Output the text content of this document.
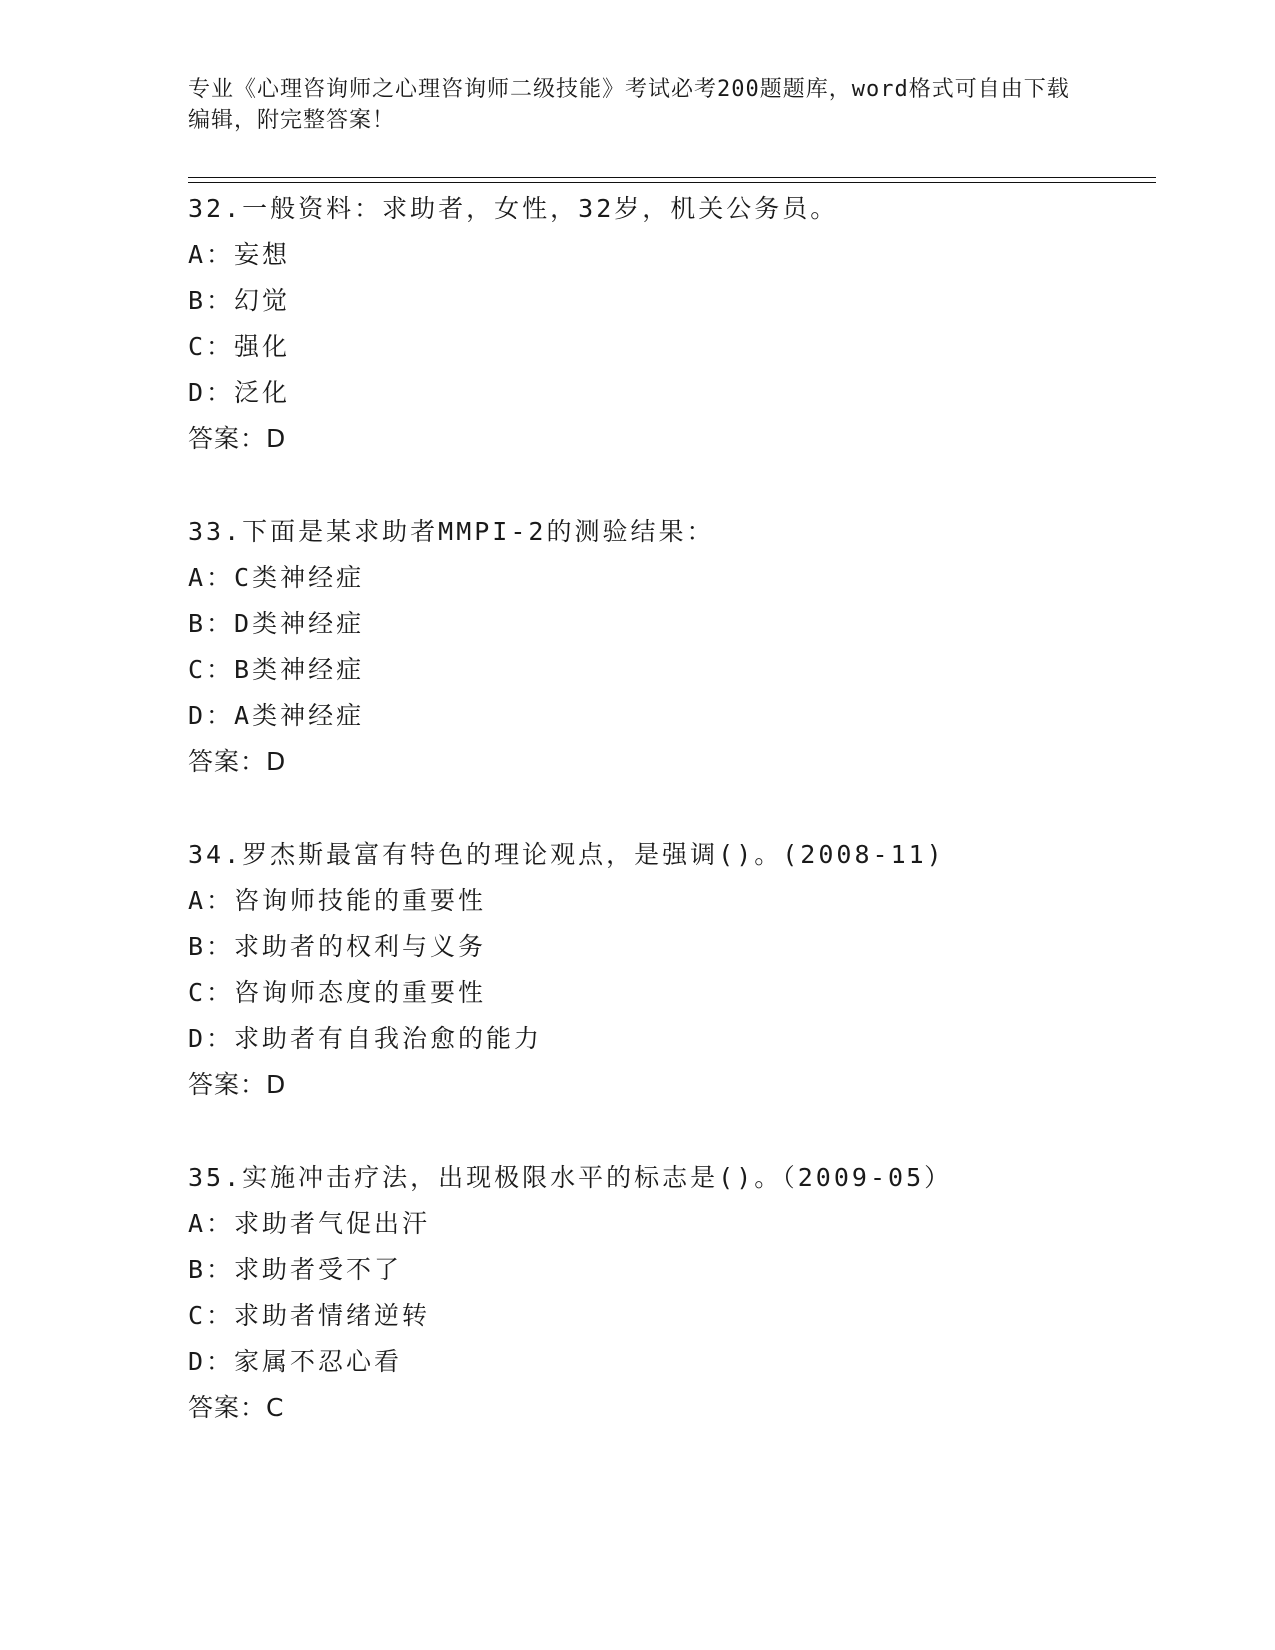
专业《心理咨询师之心理咨询师二级技能》考试必考200题题库，word格式可自由下载编辑，附完整答案！
32.一般资料：求助者，女性，32岁，机关公务员。
A：妄想
B：幻觉
C：强化
D：泛化
答案：D
33.下面是某求助者MMPI-2的测验结果：
A：C类神经症
B：D类神经症
C：B类神经症
D：A类神经症
答案：D
34.罗杰斯最富有特色的理论观点，是强调()。(2008-11)
A：咨询师技能的重要性
B：求助者的权利与义务
C：咨询师态度的重要性
D：求助者有自我治愈的能力
答案：D
35.实施冲击疗法，出现极限水平的标志是()。（2009-05）
A：求助者气促出汗
B：求助者受不了
C：求助者情绪逆转
D：家属不忍心看
答案：C
